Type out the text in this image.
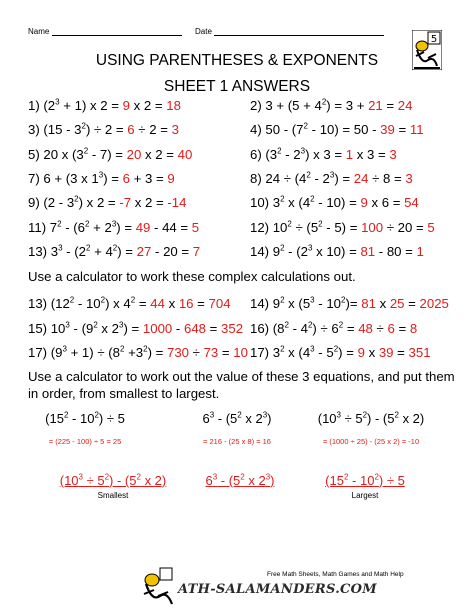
Name	Date
5
USING PARENTHESES & EXPONENTS
SHEET 1 ANSWERS
1) $(2^3 + 1)$ x 2 = 9 x 2 = 18	2) $3 + (5 + 4^2) = 3 + 21 = 24$
3) $(15 - 3^2) \div 2 = 6 \div 2 = 3$	4) $50 - (7^2 - 10) = 50 - 39 = 11$
5) 20 x $(3^2 - 7) = 20$ x 2 = 40	6) $(3^2 - 2^3)$ x 3 = 1 x 3 = 3
7) 6 + (3 x $1^3) = 6 + 3 = 9$	8) $24 \div (4^2 - 2^3) = 24 \div 8 = 3$
9) $(2 - 3^2)$ x 2 = -7 x 2 = -14	10) $3^2$ x $(4^2 - 10) = 9$ x 6 = 54
11) $7^2 - (6^2 + 2^3) = 49 - 44 = 5$	12) $10^2 \div (5^2 - 5) = 100 \div 20 = 5$
13) $3^3 - (2^2 + 4^2) = 27 - 20 = 7$	14) $9^2 - (2^3$ x 10) = 81 - 80 = 1
Use a calculator to work these complex calculations out.
13) $(12^2 - 10^2)$ x $4^2 = 44$ x 16 = 704 14) $9^2$ x $(5^3 - 10^2)= 81$ x 25 = 2025
15) $10^3 - (9^2$ x $2^3) = 1000 - 648 = 352$ 16) $(8^2 - 4^2) \div 6^2 = 48 \div 6 = 8$
17) $(9^3 + 1) \div (8^2 +3^2) = 730 \div 73 = 10$ 17) $3^2$ x $(4^3 - 5^2) = 9$ x 39 = 351
Use a calculator to work out the value of these 3 equations, and put them
in order, from smallest to largest.
$(15^2 - 10^2) \div 5$
= (225 - 100) ÷ 5 = 25
$6^3 - (5^2$ x $2^3$)
= 216 - (25 x 8) = 16
$(10^3 \div 5^2) - (5^2$ x 2)
= (1000 ÷ 25) - (25 x 2) = -10
$(10^3 \div 5^2) - (5^2$ x 2)
Smallest
$6^3 - (5^2$ x $2^3$)	$(15^2 - 10^2) \div 5$
Largest
Free Math Sheets, Math Games and Math Help
ATH-SALAMANDERS.COM
